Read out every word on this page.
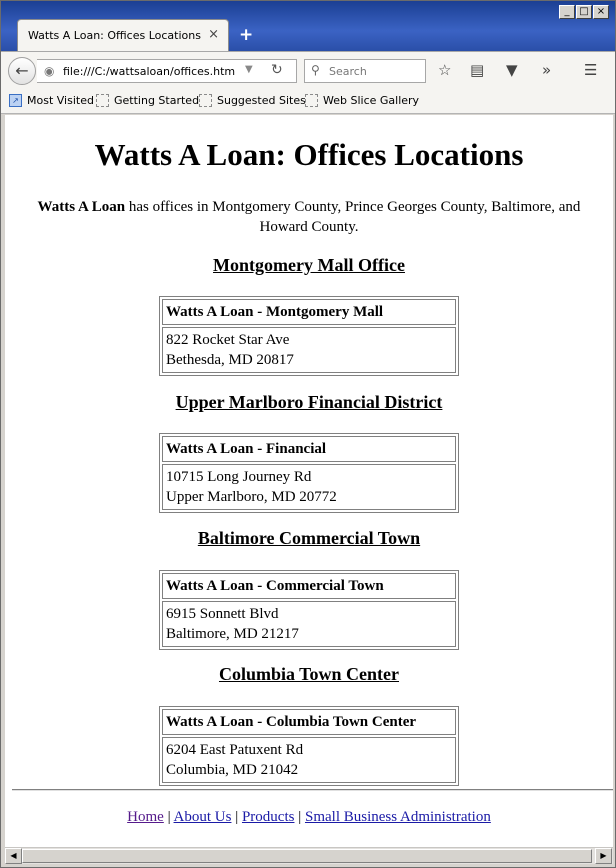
_ □ ×
Watts A Loan: Offices Locations × +
←	◉ file:///C:/wattsaloan/offices.htm ▼ ↻ ⚲ Search	☆ ▤ ▼ » ☰
↗ Most Visited Getting Started Suggested Sites Web Slice Gallery
Watts A Loan: Offices Locations

Watts A Loan has offices in Montgomery County, Prince Georges County, Baltimore, and Howard County.

Montgomery Mall Office
Watts A Loan - Montgomery Mall
822 Rocket Star Ave
Bethesda, MD 20817
Upper Marlboro Financial District
Watts A Loan - Financial
10715 Long Journey Rd
Upper Marlboro, MD 20772
Baltimore Commercial Town
Watts A Loan - Commercial Town
6915 Sonnett Blvd
Baltimore, MD 21217
Columbia Town Center
Watts A Loan - Columbia Town Center
6204 East Patuxent Rd
Columbia, MD 21042

Home | About Us | Products | Small Business Administration

◀	▶
